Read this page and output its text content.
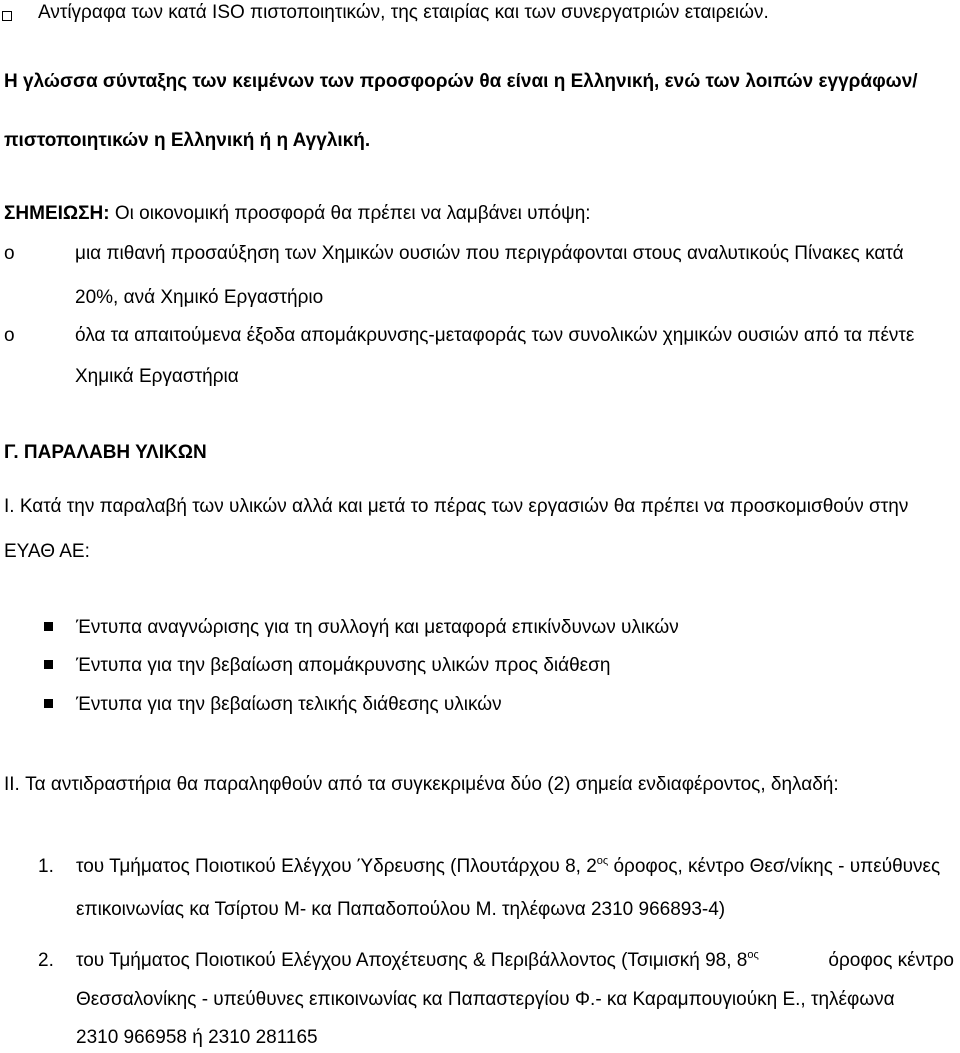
Αντίγραφα των κατά ISO πιστοποιητικών, της εταιρίας και των συνεργατριών εταιρειών.
Η γλώσσα σύνταξης των κειμένων των προσφορών θα είναι η Ελληνική, ενώ των λοιπών εγγράφων/
πιστοποιητικών η Ελληνική ή η Αγγλική.
ΣΗΜΕΙΩΣΗ: Οι οικονομική προσφορά θα πρέπει να λαμβάνει υπόψη:
o	μια πιθανή προσαύξηση των Χημικών ουσιών που περιγράφονται στους αναλυτικούς Πίνακες κατά
20%, ανά Χημικό Εργαστήριο
o	όλα τα απαιτούμενα έξοδα απομάκρυνσης-μεταφοράς των συνολικών χημικών ουσιών από τα πέντε
Χημικά Εργαστήρια
Γ. ΠΑΡΑΛΑΒΗ ΥΛΙΚΩΝ
I. Κατά την παραλαβή των υλικών αλλά και μετά το πέρας των εργασιών θα πρέπει να προσκομισθούν στην
ΕΥΑΘ ΑΕ:
Έντυπα αναγνώρισης για τη συλλογή και μεταφορά επικίνδυνων υλικών
Έντυπα για την βεβαίωση απομάκρυνσης υλικών προς διάθεση
Έντυπα για την βεβαίωση τελικής διάθεσης υλικών
II. Τα αντιδραστήρια θα παραληφθούν από τα συγκεκριμένα δύο (2) σημεία ενδιαφέροντος, δηλαδή:
1. του Τμήματος Ποιοτικού Ελέγχου Ύδρευσης (Πλουτάρχου 8, $2^{o\varsigma}$ όροφος, κέντρο Θεσ/νίκης - υπεύθυνες
επικοινωνίας κα Τσίρτου Μ- κα Παπαδοπούλου Μ. τηλέφωνα 2310 966893-4)
2. του Τμήματος Ποιοτικού Ελέγχου Αποχέτευσης & Περιβάλλοντος (Τσιμισκή 98, $8^{o\varsigma}$	όροφος κέντρο
Θεσσαλονίκης - υπεύθυνες επικοινωνίας κα Παπαστεργίου Φ.- κα Καραμπουγιούκη Ε., τηλέφωνα
2310 966958 ή 2310 281165
